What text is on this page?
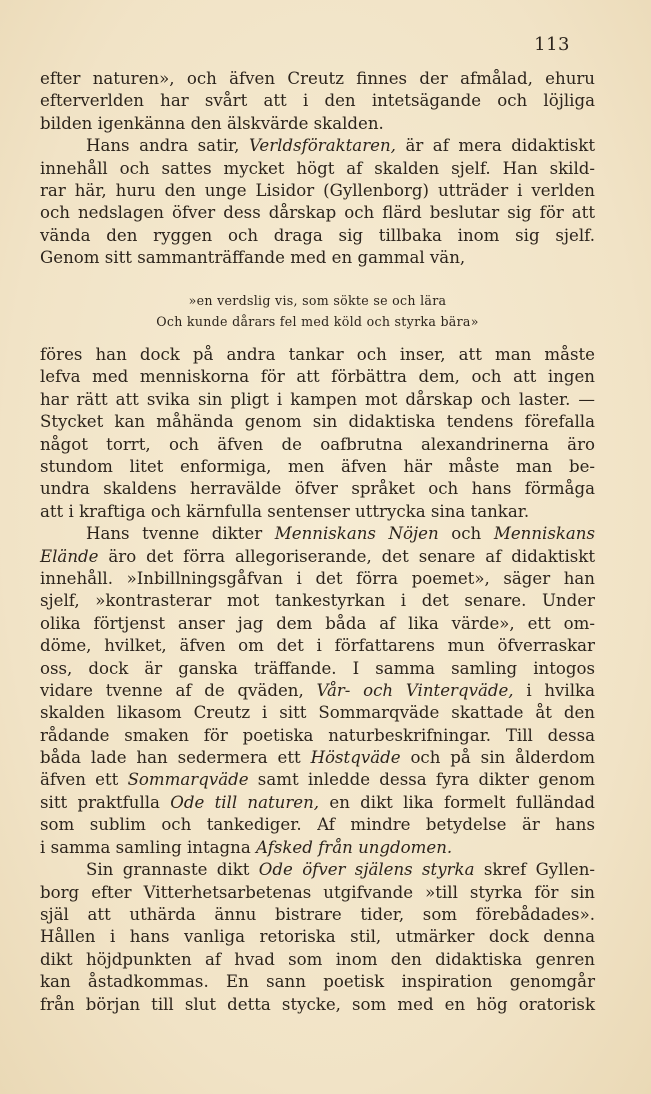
113
efter naturen», och äfven Creutz finnes der afmålad, ehuru
efterverlden har svårt att i den intetsägande och löjliga
bilden igenkänna den älskvärde skalden.
Hans andra satir, Verldsföraktaren, är af mera didaktiskt
innehåll och sattes mycket högt af skalden sjelf. Han skild-
rar här, huru den unge Lisidor (Gyllenborg) utträder i verlden
och nedslagen öfver dess dårskap och flärd beslutar sig för att
vända den ryggen och draga sig tillbaka inom sig sjelf.
Genom sitt sammanträffande med en gammal vän,
»en verdslig vis, som sökte se och lära
Och kunde dårars fel med köld och styrka bära»
föres han dock på andra tankar och inser, att man måste
lefva med menniskorna för att förbättra dem, och att ingen
har rätt att svika sin pligt i kampen mot dårskap och laster. —
Stycket kan måhända genom sin didaktiska tendens förefalla
något torrt, och äfven de oafbrutna alexandrinerna äro
stundom litet enformiga, men äfven här måste man be-
undra skaldens herravälde öfver språket och hans förmåga
att i kraftiga och kärnfulla sentenser uttrycka sina tankar.
Hans tvenne dikter Menniskans Nöjen och Menniskans
Elände äro det förra allegoriserande, det senare af didaktiskt
innehåll. »Inbillningsgåfvan i det förra poemet», säger han
sjelf, »kontrasterar mot tankestyrkan i det senare. Under
olika förtjenst anser jag dem båda af lika värde», ett om-
döme, hvilket, äfven om det i författarens mun öfverraskar
oss, dock är ganska träffande. I samma samling intogos
vidare tvenne af de qväden, Vår- och Vinterqväde, i hvilka
skalden likasom Creutz i sitt Sommarqväde skattade åt den
rådande smaken för poetiska naturbeskrifningar. Till dessa
båda lade han sedermera ett Höstqväde och på sin ålderdom
äfven ett Sommarqväde samt inledde dessa fyra dikter genom
sitt praktfulla Ode till naturen, en dikt lika formelt fulländad
som sublim och tankediger. Af mindre betydelse är hans
i samma samling intagna Afsked från ungdomen.
Sin grannaste dikt Ode öfver själens styrka skref Gyllen-
borg efter Vitterhetsarbetenas utgifvande »till styrka för sin
själ att uthärda ännu bistrare tider, som förebådades».
Hållen i hans vanliga retoriska stil, utmärker dock denna
dikt höjdpunkten af hvad som inom den didaktiska genren
kan åstadkommas. En sann poetisk inspiration genomgår
från början till slut detta stycke, som med en hög oratorisk
